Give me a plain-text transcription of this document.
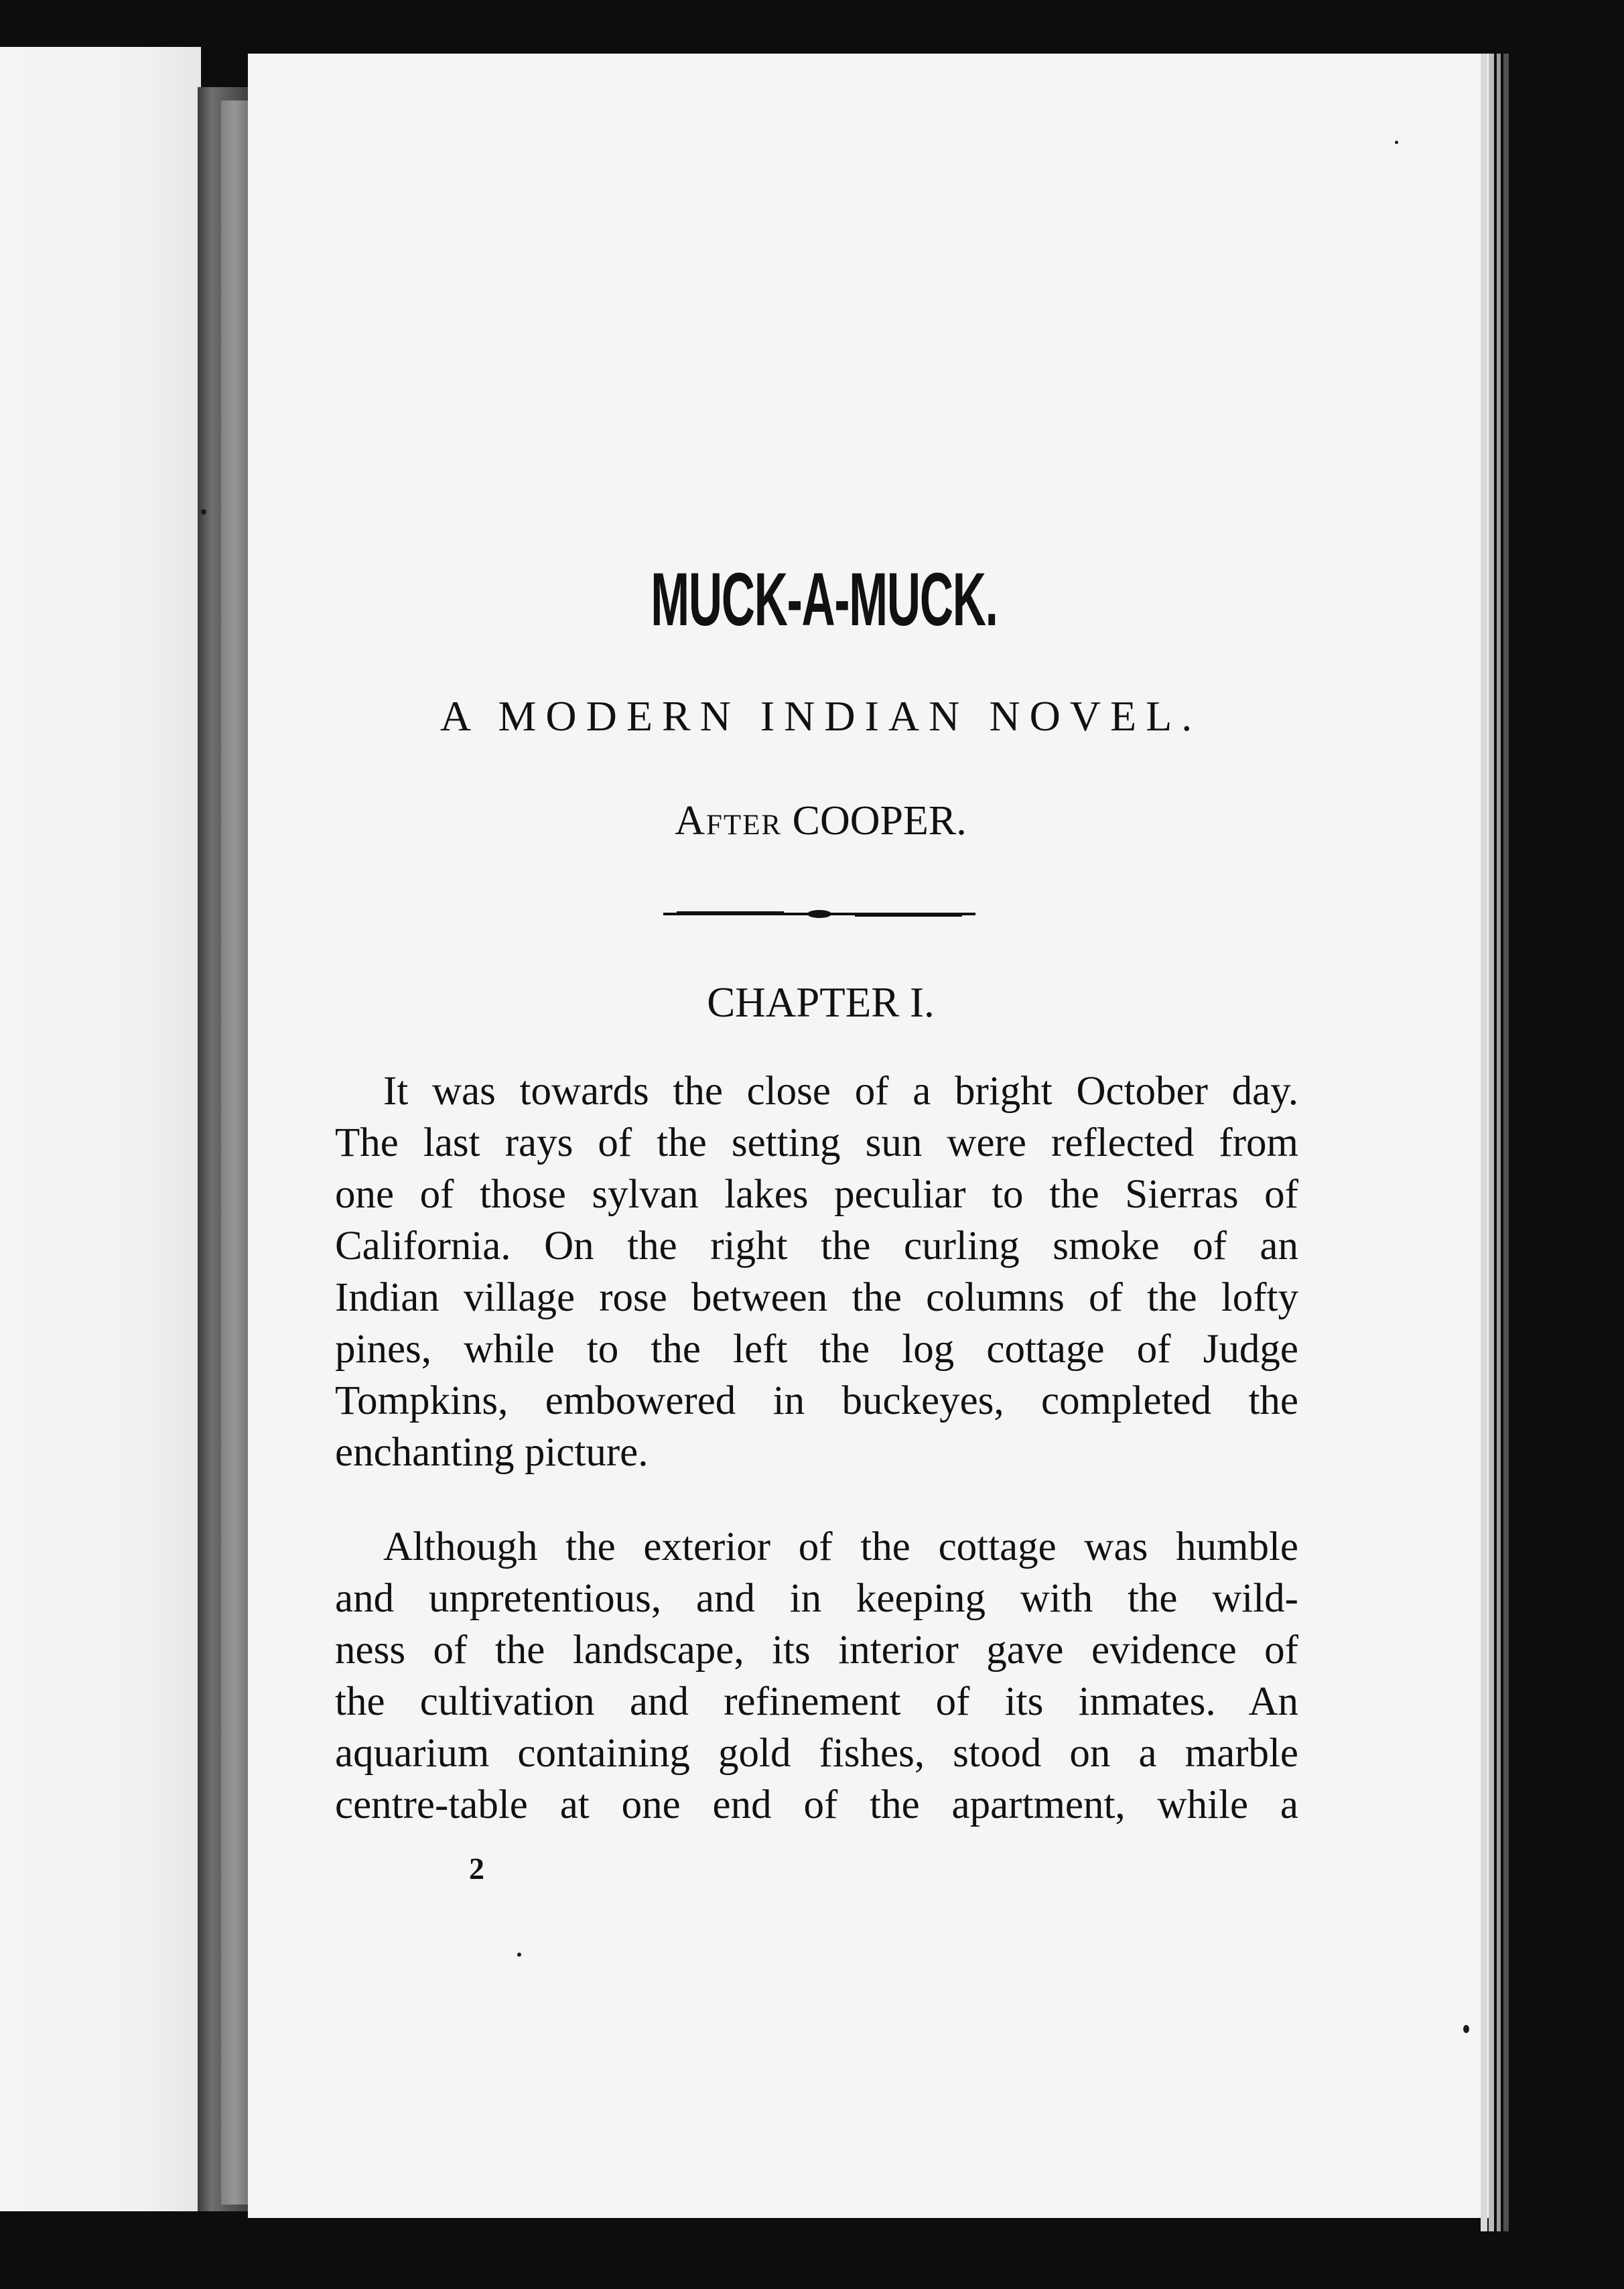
MUCK-A-MUCK.
A MODERN INDIAN NOVEL.
After COOPER.
CHAPTER I.
It was towards the close of a bright October day.
The last rays of the setting sun were reflected from
one of those sylvan lakes peculiar to the Sierras of
California. On the right the curling smoke of an
Indian village rose between the columns of the lofty
pines, while to the left the log cottage of Judge
Tompkins, embowered in buckeyes, completed the
enchanting picture.
Although the exterior of the cottage was humble
and unpretentious, and in keeping with the wild-
ness of the landscape, its interior gave evidence of
the cultivation and refinement of its inmates. An
aquarium containing gold fishes, stood on a marble
centre-table at one end of the apartment, while a
2
